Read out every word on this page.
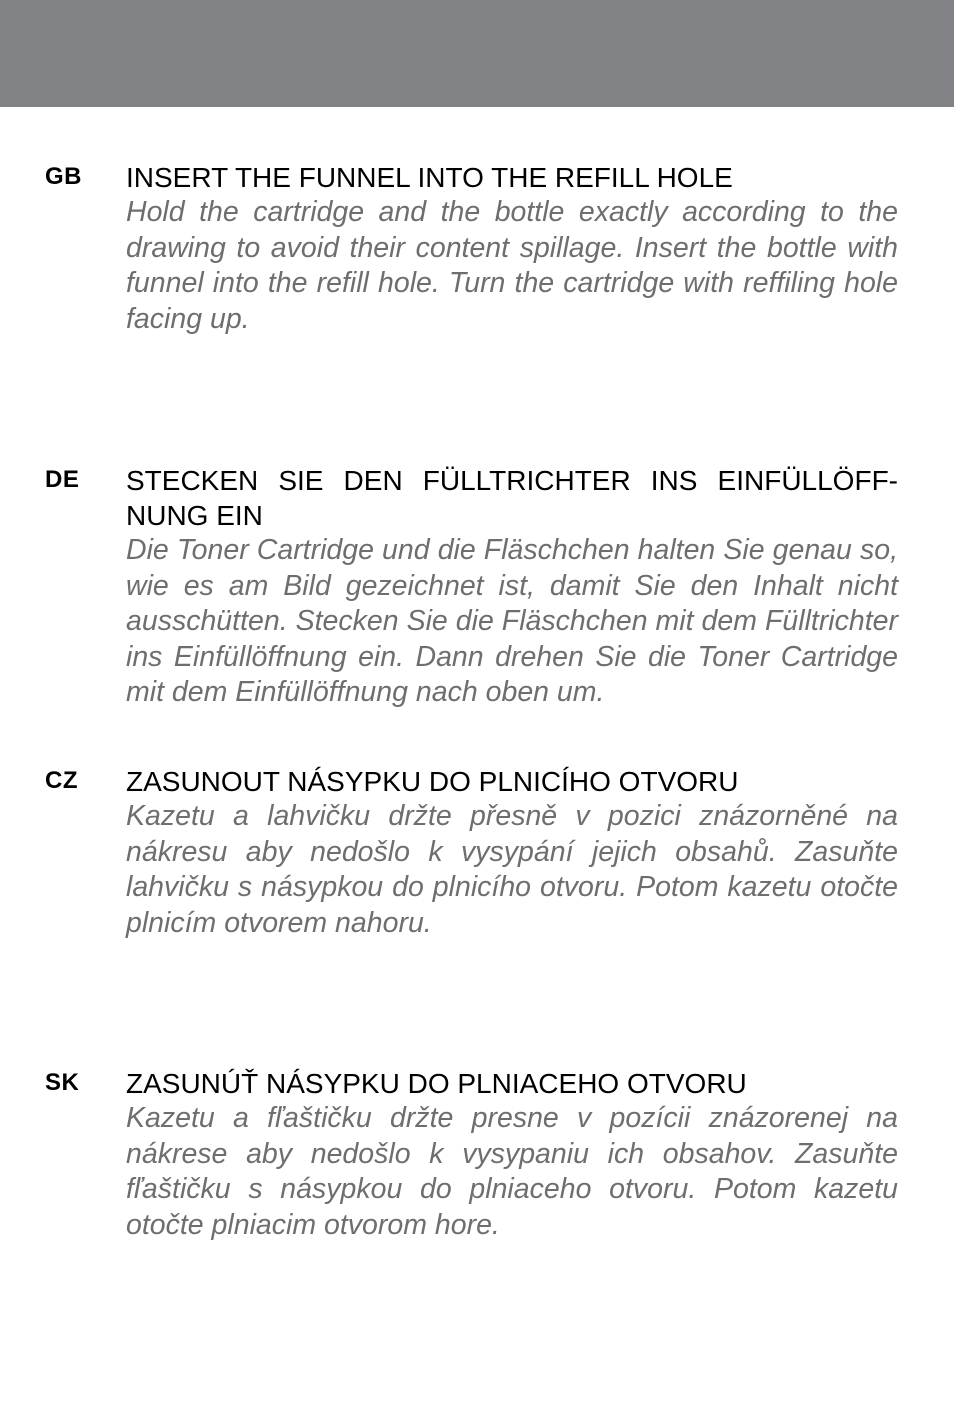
GB INSERT THE FUNNEL INTO THE REFILL HOLE

Hold the cartridge and the bottle exactly according to the drawing to avoid their content spillage. Insert the bottle with funnel into the refill hole. Turn the cartridge with reffiling hole facing up.

DE STECKEN SIE DEN FÜLLTRICHTER INS EINFÜLLÖFF-NUNG EIN

Die Toner Cartridge und die Fläschchen halten Sie genau so, wie es am Bild gezeichnet ist, damit Sie den Inhalt nicht ausschütten. Stecken Sie die Fläschchen mit dem Fülltrichter ins Einfüllöffnung ein. Dann drehen Sie die Toner Cartridge mit dem Einfüllöffnung nach oben um.

CZ ZASUNOUT NÁSYPKU DO PLNICÍHO OTVORU

Kazetu a lahvičku držte přesně v pozici znázorněné na nákresu aby nedošlo k vysypání jejich obsahů. Zasuňte lahvičku s násypkou do plnicího otvoru. Potom kazetu otočte plnicím otvorem nahoru.

SK ZASUNÚŤ NÁSYPKU DO PLNIACEHO OTVORU

Kazetu a fľaštičku držte presne v pozícii znázorenej na nákrese aby nedošlo k vysypaniu ich obsahov. Zasuňte fľaštičku s násypkou do plniaceho otvoru. Potom kazetu otočte plniacim otvorom hore.
